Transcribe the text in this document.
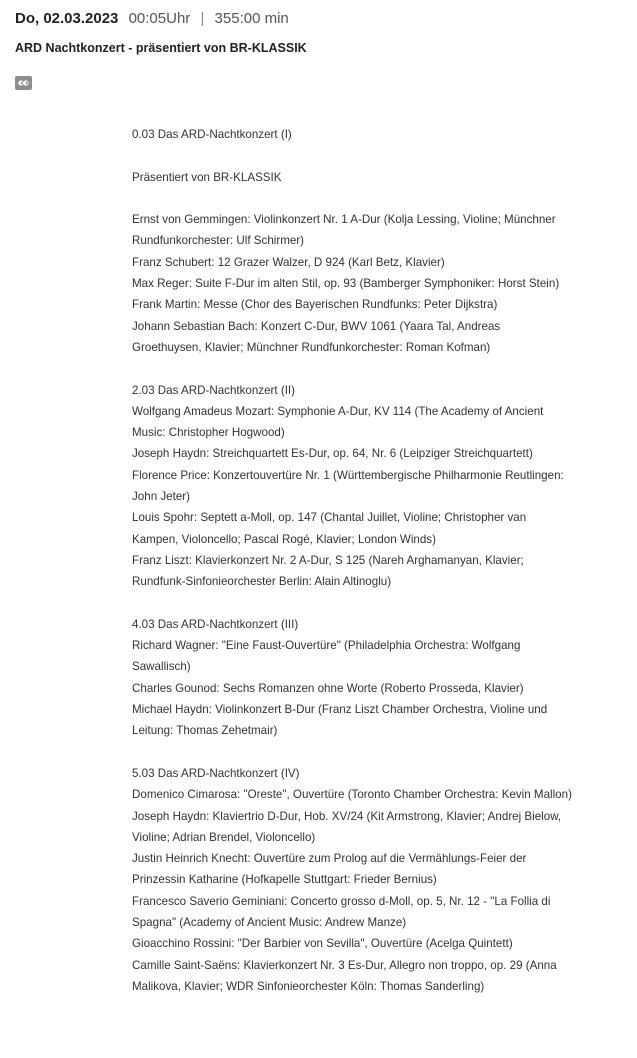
Do, 02.03.2023 00:05Uhr | 355:00 min
ARD Nachtkonzert - präsentiert von BR-KLASSIK

0.03 Das ARD-Nachtkonzert (I)

Präsentiert von BR-KLASSIK

Ernst von Gemmingen: Violinkonzert Nr. 1 A-Dur (Kolja Lessing, Violine; Münchner Rundfunkorchester: Ulf Schirmer)

Franz Schubert: 12 Grazer Walzer, D 924 (Karl Betz, Klavier)

Max Reger: Suite F-Dur im alten Stil, op. 93 (Bamberger Symphoniker: Horst Stein)

Frank Martin: Messe (Chor des Bayerischen Rundfunks: Peter Dijkstra)

Johann Sebastian Bach: Konzert C-Dur, BWV 1061 (Yaara Tal, Andreas Groethuysen, Klavier; Münchner Rundfunkorchester: Roman Kofman)

2.03 Das ARD-Nachtkonzert (II)

Wolfgang Amadeus Mozart: Symphonie A-Dur, KV 114 (The Academy of Ancient Music: Christopher Hogwood)

Joseph Haydn: Streichquartett Es-Dur, op. 64, Nr. 6 (Leipziger Streichquartett)

Florence Price: Konzertouvertüre Nr. 1 (Württembergische Philharmonie Reutlingen: John Jeter)

Louis Spohr: Septett a-Moll, op. 147 (Chantal Juillet, Violine; Christopher van Kampen, Violoncello; Pascal Rogé, Klavier; London Winds)

Franz Liszt: Klavierkonzert Nr. 2 A-Dur, S 125 (Nareh Arghamanyan, Klavier; Rundfunk-Sinfonieorchester Berlin: Alain Altinoglu)

4.03 Das ARD-Nachtkonzert (III)

Richard Wagner: "Eine Faust-Ouvertüre" (Philadelphia Orchestra: Wolfgang Sawallisch)

Charles Gounod: Sechs Romanzen ohne Worte (Roberto Prosseda, Klavier)

Michael Haydn: Violinkonzert B-Dur (Franz Liszt Chamber Orchestra, Violine und Leitung: Thomas Zehetmair)

5.03 Das ARD-Nachtkonzert (IV)

Domenico Cimarosa: "Oreste", Ouvertüre (Toronto Chamber Orchestra: Kevin Mallon)

Joseph Haydn: Klaviertrio D-Dur, Hob. XV/24 (Kit Armstrong, Klavier; Andrej Bielow, Violine; Adrian Brendel, Violoncello)

Justin Heinrich Knecht: Ouvertüre zum Prolog auf die Vermählungs-Feier der Prinzessin Katharine (Hofkapelle Stuttgart: Frieder Bernius)

Francesco Saverio Geminiani: Concerto grosso d-Moll, op. 5, Nr. 12 - "La Follia di Spagna" (Academy of Ancient Music: Andrew Manze)

Gioacchino Rossini: "Der Barbier von Sevilla", Ouvertüre (Acelga Quintett)

Camille Saint-Saëns: Klavierkonzert Nr. 3 Es-Dur, Allegro non troppo, op. 29 (Anna Malikova, Klavier; WDR Sinfonieorchester Köln: Thomas Sanderling)
